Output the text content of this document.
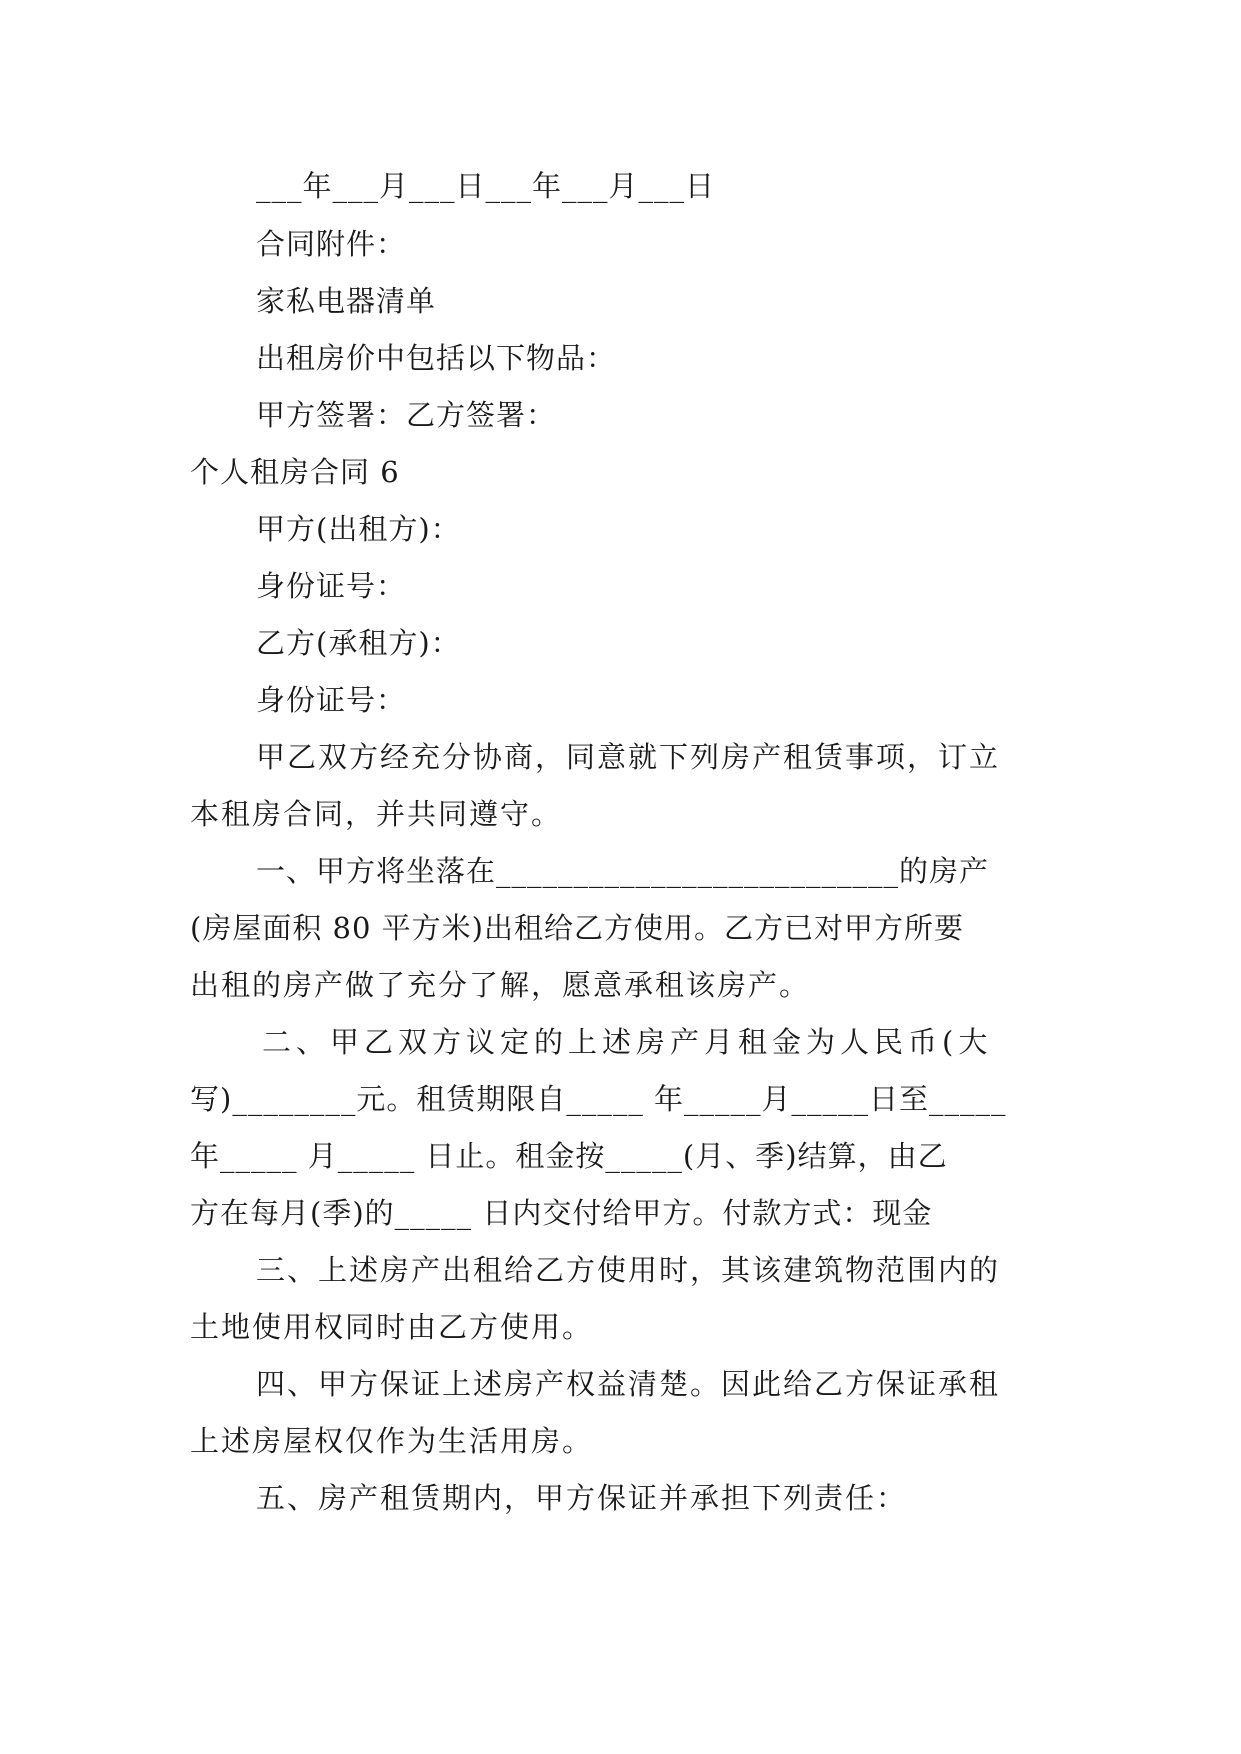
___年___月___日___年___月___日
合同附件：
家私电器清单
出租房价中包括以下物品：
甲方签署：乙方签署：
个人租房合同 6
甲方(出租方)：
身份证号：
乙方(承租方)：
身份证号：
甲乙双方经充分协商，同意就下列房产租赁事项，订立
本租房合同，并共同遵守。
一、甲方将坐落在__________________________的房产
(房屋面积 80 平方米)出租给乙方使用。乙方已对甲方所要
出租的房产做了充分了解，愿意承租该房产。
二、甲乙双方议定的上述房产月租金为人民币(大
写)________元。租赁期限自_____ 年_____月_____日至_____
年_____ 月_____ 日止。租金按_____(月、季)结算，由乙
方在每月(季)的_____ 日内交付给甲方。付款方式：现金
三、上述房产出租给乙方使用时，其该建筑物范围内的
土地使用权同时由乙方使用。
四、甲方保证上述房产权益清楚。因此给乙方保证承租
上述房屋权仅作为生活用房。
五、房产租赁期内，甲方保证并承担下列责任：
